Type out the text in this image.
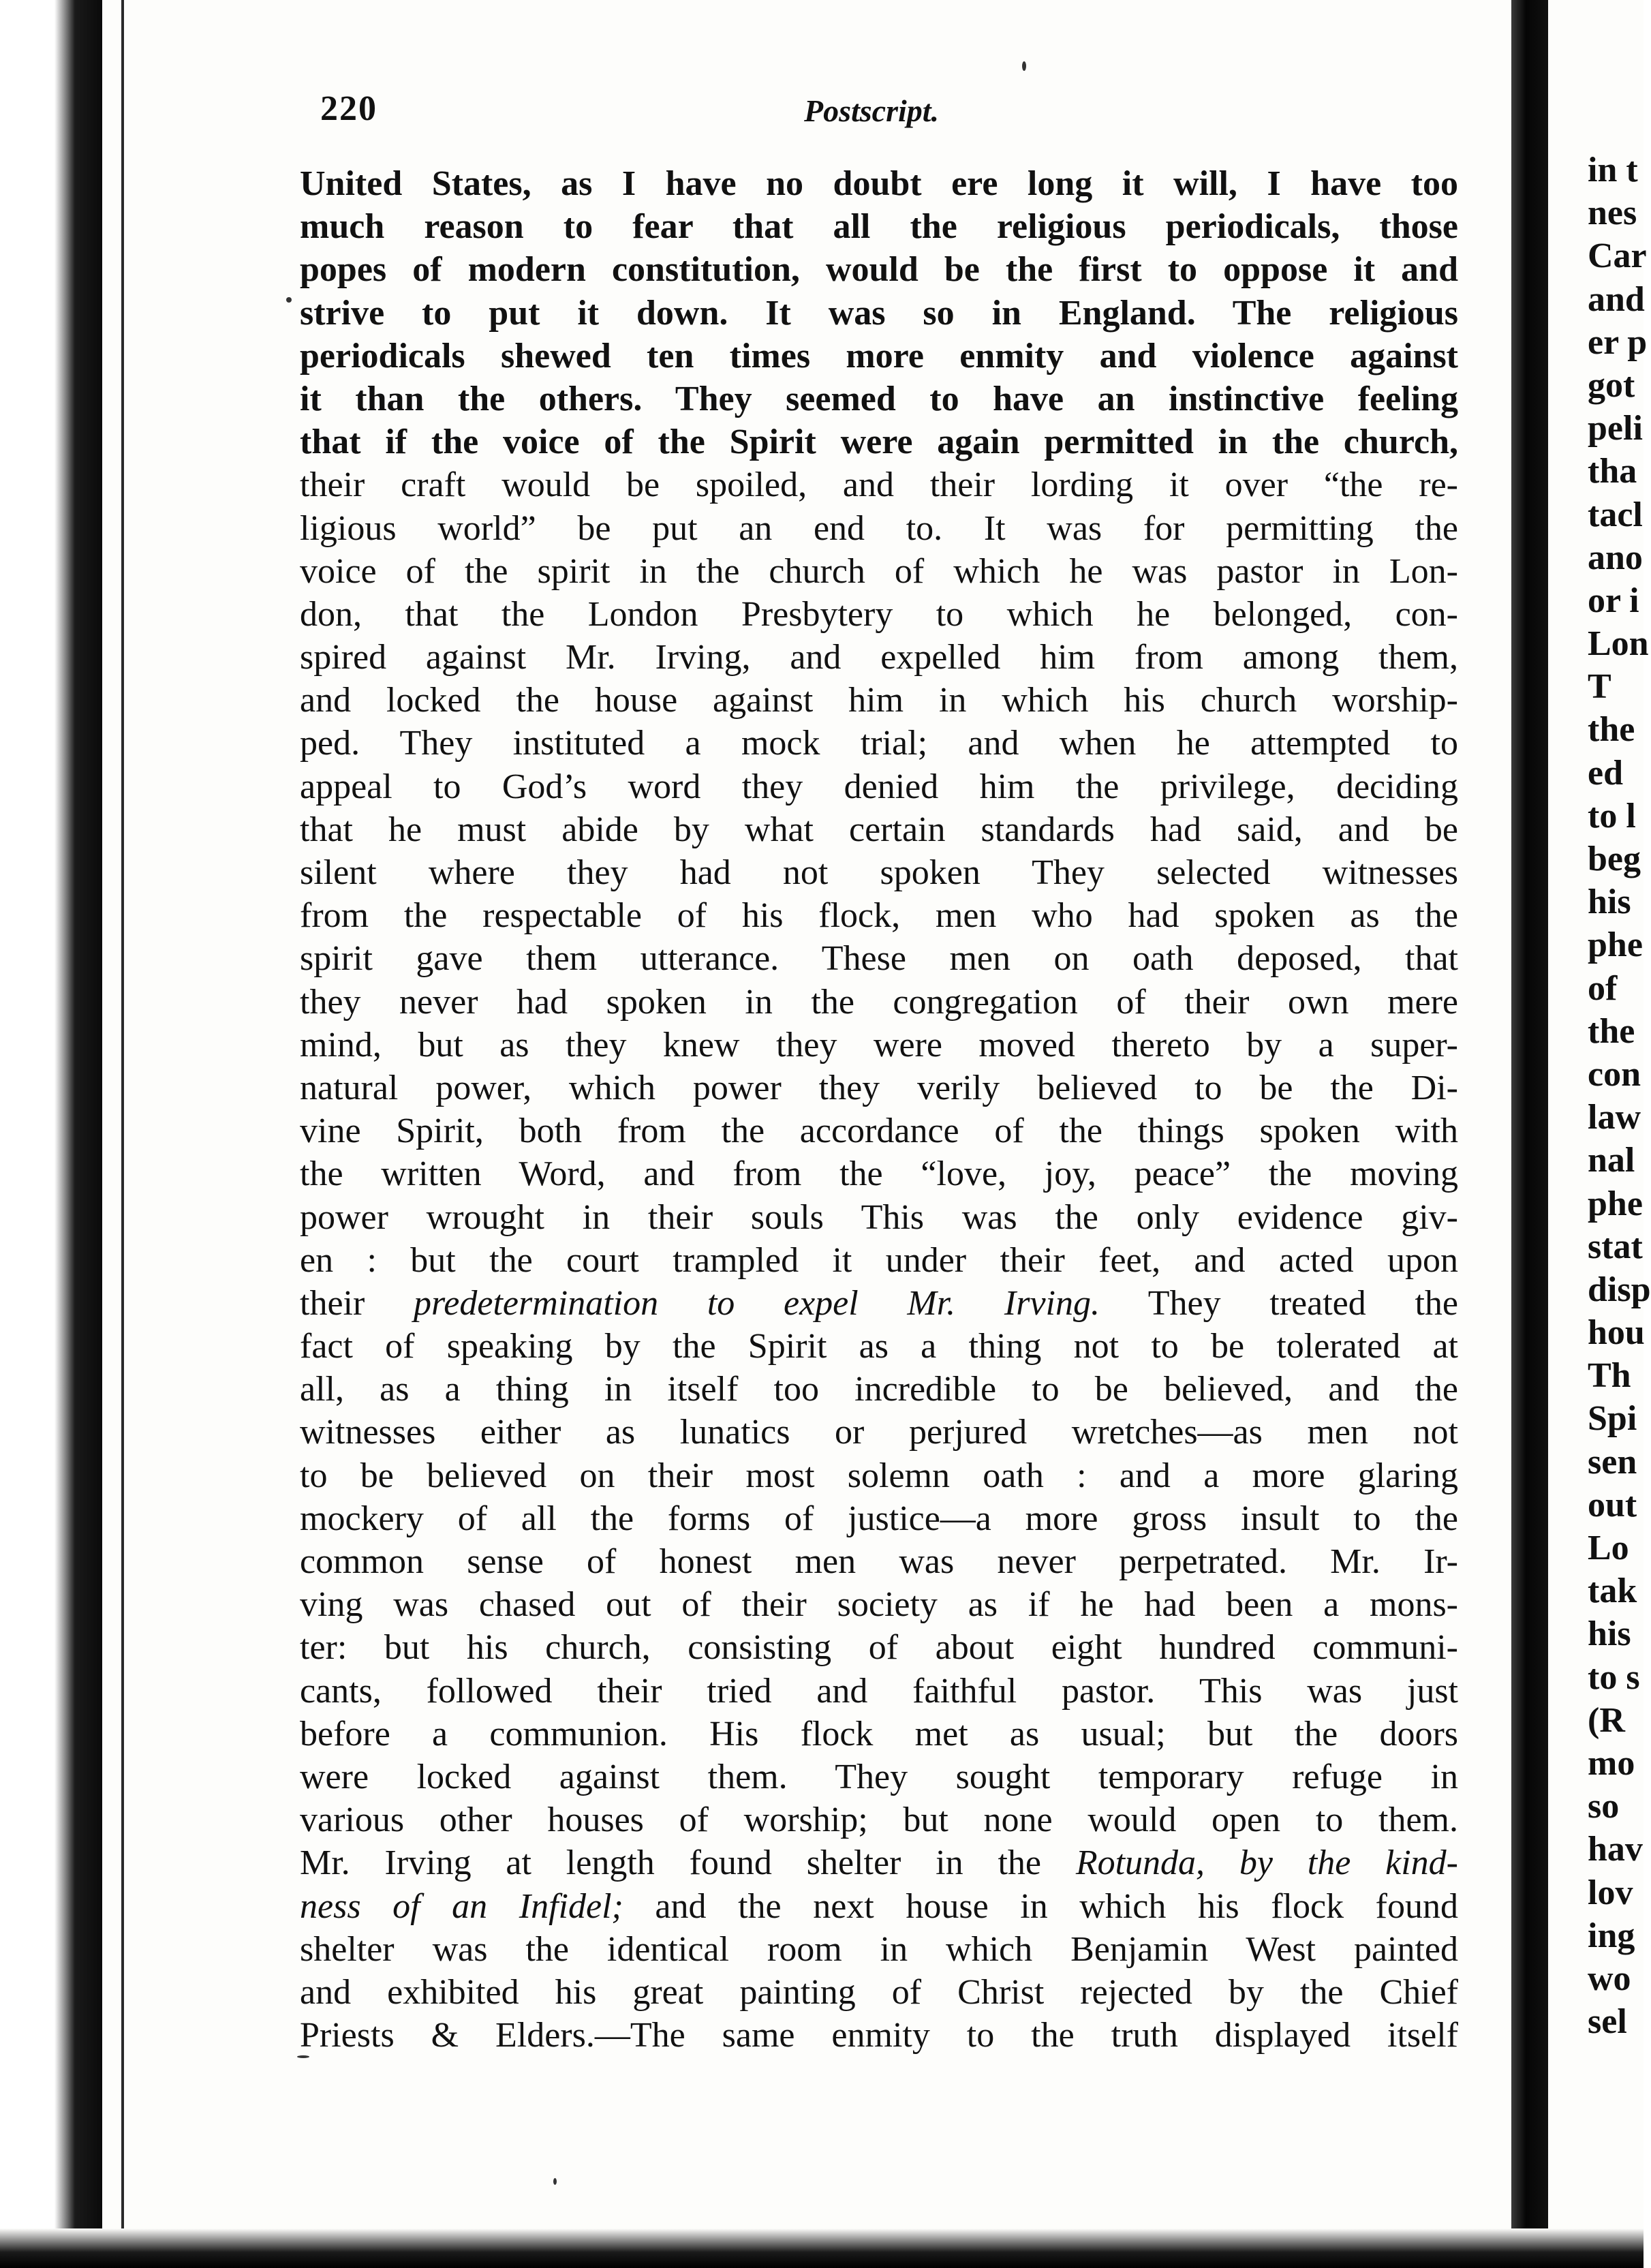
220	Postscript.
United States, as I have no doubt ere long it will, I have too
much reason to fear that all the religious periodicals, those
popes of modern constitution, would be the first to oppose it and
strive to put it down. It was so in England. The religious
periodicals shewed ten times more enmity and violence against
it than the others. They seemed to have an instinctive feeling
that if the voice of the Spirit were again permitted in the church,
their craft would be spoiled, and their lording it over “the re-
ligious world” be put an end to. It was for permitting the
voice of the spirit in the church of which he was pastor in Lon-
don, that the London Presbytery to which he belonged, con-
spired against Mr. Irving, and expelled him from among them,
and locked the house against him in which his church worship-
ped. They instituted a mock trial; and when he attempted to
appeal to God’s word they denied him the privilege, deciding
that he must abide by what certain standards had said, and be
silent where they had not spoken They selected witnesses
from the respectable of his flock, men who had spoken as the
spirit gave them utterance. These men on oath deposed, that
they never had spoken in the congregation of their own mere
mind, but as they knew they were moved thereto by a super-
natural power, which power they verily believed to be the Di-
vine Spirit, both from the accordance of the things spoken with
the written Word, and from the “love, joy, peace” the moving
power wrought in their souls This was the only evidence giv-
en : but the court trampled it under their feet, and acted upon
their predetermination to expel Mr. Irving. They treated the
fact of speaking by the Spirit as a thing not to be tolerated at
all, as a thing in itself too incredible to be believed, and the
witnesses either as lunatics or perjured wretches—as men not
to be believed on their most solemn oath : and a more glaring
mockery of all the forms of justice—a more gross insult to the
common sense of honest men was never perpetrated. Mr. Ir-
ving was chased out of their society as if he had been a mons-
ter: but his church, consisting of about eight hundred communi-
cants, followed their tried and faithful pastor. This was just
before a communion. His flock met as usual; but the doors
were locked against them. They sought temporary refuge in
various other houses of worship; but none would open to them.
Mr. Irving at length found shelter in the Rotunda, by the kind-
ness of an Infidel; and the next house in which his flock found
shelter was the identical room in which Benjamin West painted
and exhibited his great painting of Christ rejected by the Chief
Priests & Elders.—The same enmity to the truth displayed itself
in t
nes
Car
and
er p
got
peli
tha
tacl
ano
or i
Lon
T
the
ed
to l
beg
his
phe
of
the
con
law
nal
phe
stat
disp
hou
Th
Spi
sen
out
Lo
tak
his
to s
(R
mo
so
hav
lov
ing
wo
sel
